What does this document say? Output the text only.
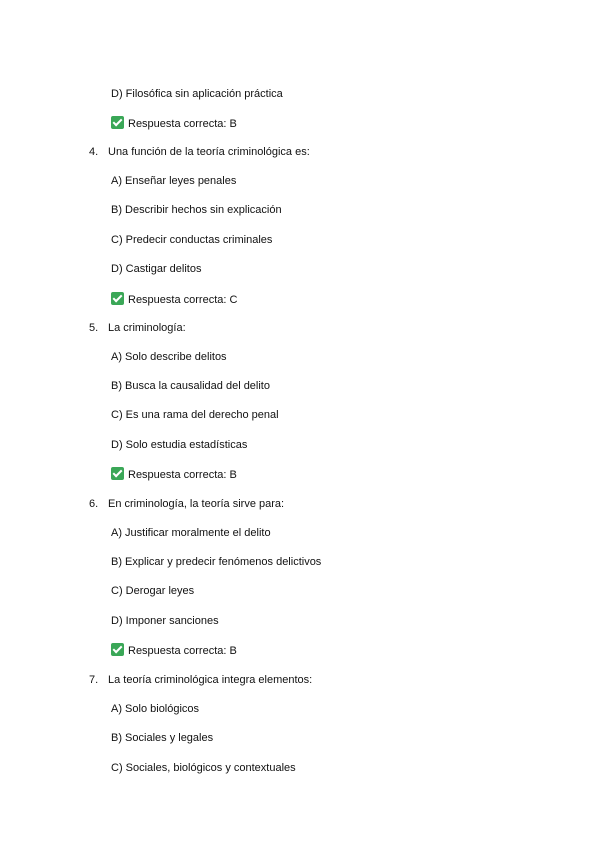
D) Filosófica sin aplicación práctica
Respuesta correcta: B
4. Una función de la teoría criminológica es:
A) Enseñar leyes penales
B) Describir hechos sin explicación
C) Predecir conductas criminales
D) Castigar delitos
Respuesta correcta: C
5. La criminología:
A) Solo describe delitos
B) Busca la causalidad del delito
C) Es una rama del derecho penal
D) Solo estudia estadísticas
Respuesta correcta: B
6. En criminología, la teoría sirve para:
A) Justificar moralmente el delito
B) Explicar y predecir fenómenos delictivos
C) Derogar leyes
D) Imponer sanciones
Respuesta correcta: B
7. La teoría criminológica integra elementos:
A) Solo biológicos
B) Sociales y legales
C) Sociales, biológicos y contextuales
